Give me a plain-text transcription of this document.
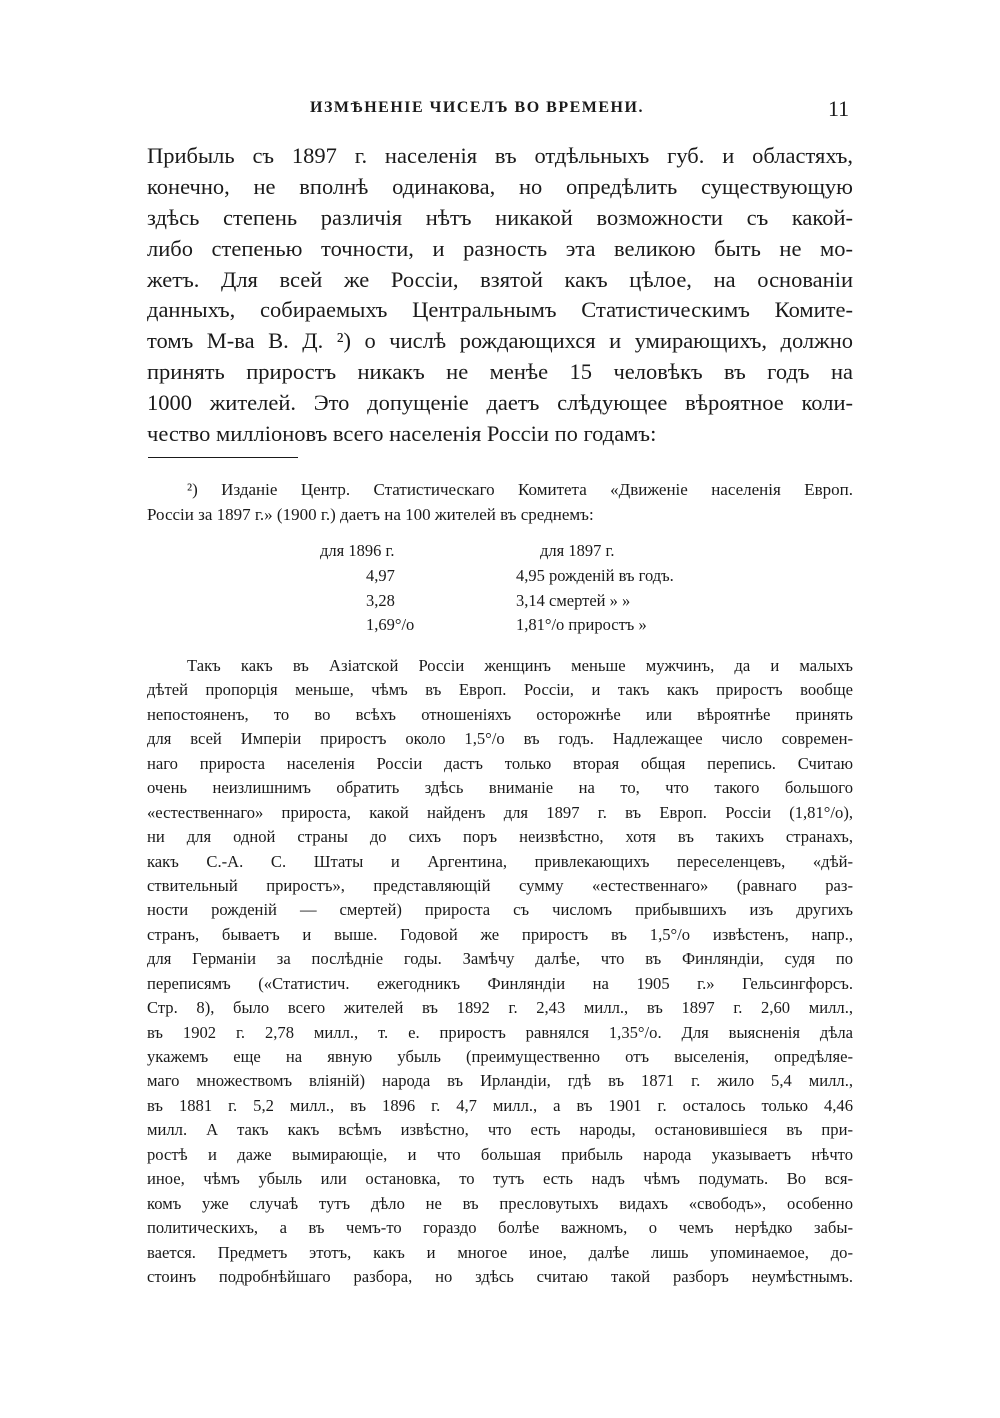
ИЗМѢНЕНІЕ ЧИСЕЛЪ ВО ВРЕМЕНИ.	11
Прибыль съ 1897 г. населенія въ отдѣльныхъ губ. и областяхъ,
конечно, не вполнѣ одинакова, но опредѣлить существующую
здѣсь степень различія нѣтъ никакой возможности съ какой-
либо степенью точности, и разность эта великою быть не мо-
жетъ. Для всей же Россіи, взятой какъ цѣлое, на основаніи
данныхъ, собираемыхъ Центральнымъ Статистическимъ Комите-
томъ М-ва В. Д. ²) о числѣ рождающихся и умирающихъ, должно
принять приростъ никакъ не менѣе 15 человѣкъ въ годъ на
1000 жителей. Это допущеніе даетъ слѣдующее вѣроятное коли-
чество милліоновъ всего населенія Россіи по годамъ:
²) Изданіе Центр. Статистическаго Комитета «Движеніе населенія Европ.
Россіи за 1897 г.» (1900 г.) даетъ на 100 жителей въ среднемъ:
для 1896 г.	для 1897 г.
4,97	4,95 рожденій въ годъ.
3,28	3,14 смертей » »
1,69°/о	1,81°/о приростъ »
Такъ какъ въ Азіатской Россіи женщинъ меньше мужчинъ, да и малыхъ
дѣтей пропорція меньше, чѣмъ въ Европ. Россіи, и такъ какъ приростъ вообще
непостояненъ, то во всѣхъ отношеніяхъ осторожнѣе или вѣроятнѣе принять
для всей Имперіи приростъ около 1,5°/о въ годъ. Надлежащее число современ-
наго прироста населенія Россіи дастъ только вторая общая перепись. Считаю
очень неизлишнимъ обратить здѣсь вниманіе на то, что такого большого
«естественнаго» прироста, какой найденъ для 1897 г. въ Европ. Россіи (1,81°/о),
ни для одной страны до сихъ поръ неизвѣстно, хотя въ такихъ странахъ,
какъ С.-А. С. Штаты и Аргентина, привлекающихъ переселенцевъ, «дѣй-
ствительный приростъ», представляющій сумму «естественнаго» (равнаго раз-
ности рожденій — смертей) прироста съ числомъ прибывшихъ изъ другихъ
странъ, бываетъ и выше. Годовой же приростъ въ 1,5°/о извѣстенъ, напр.,
для Германіи за послѣдніе годы. Замѣчу далѣе, что въ Финляндіи, судя по
переписямъ («Статистич. ежегодникъ Финляндіи на 1905 г.» Гельсингфорсъ.
Стр. 8), было всего жителей въ 1892 г. 2,43 милл., въ 1897 г. 2,60 милл.,
въ 1902 г. 2,78 милл., т. е. приростъ равнялся 1,35°/о. Для выясненія дѣла
укажемъ еще на явную убыль (преимущественно отъ выселенія, опредѣляе-
маго множествомъ вліяній) народа въ Ирландіи, гдѣ въ 1871 г. жило 5,4 милл.,
въ 1881 г. 5,2 милл., въ 1896 г. 4,7 милл., а въ 1901 г. осталось только 4,46
милл. А такъ какъ всѣмъ извѣстно, что есть народы, остановившіеся въ при-
ростѣ и даже вымирающіе, и что большая прибыль народа указываетъ нѣчто
иное, чѣмъ убыль или остановка, то тутъ есть надъ чѣмъ подумать. Во вся-
комъ уже случаѣ тутъ дѣло не въ пресловутыхъ видахъ «свободъ», особенно
политическихъ, а въ чемъ-то гораздо болѣе важномъ, о чемъ нерѣдко забы-
вается. Предметъ этотъ, какъ и многое иное, далѣе лишь упоминаемое, до-
стоинъ подробнѣйшаго разбора, но здѣсь считаю такой разборъ неумѣстнымъ.
